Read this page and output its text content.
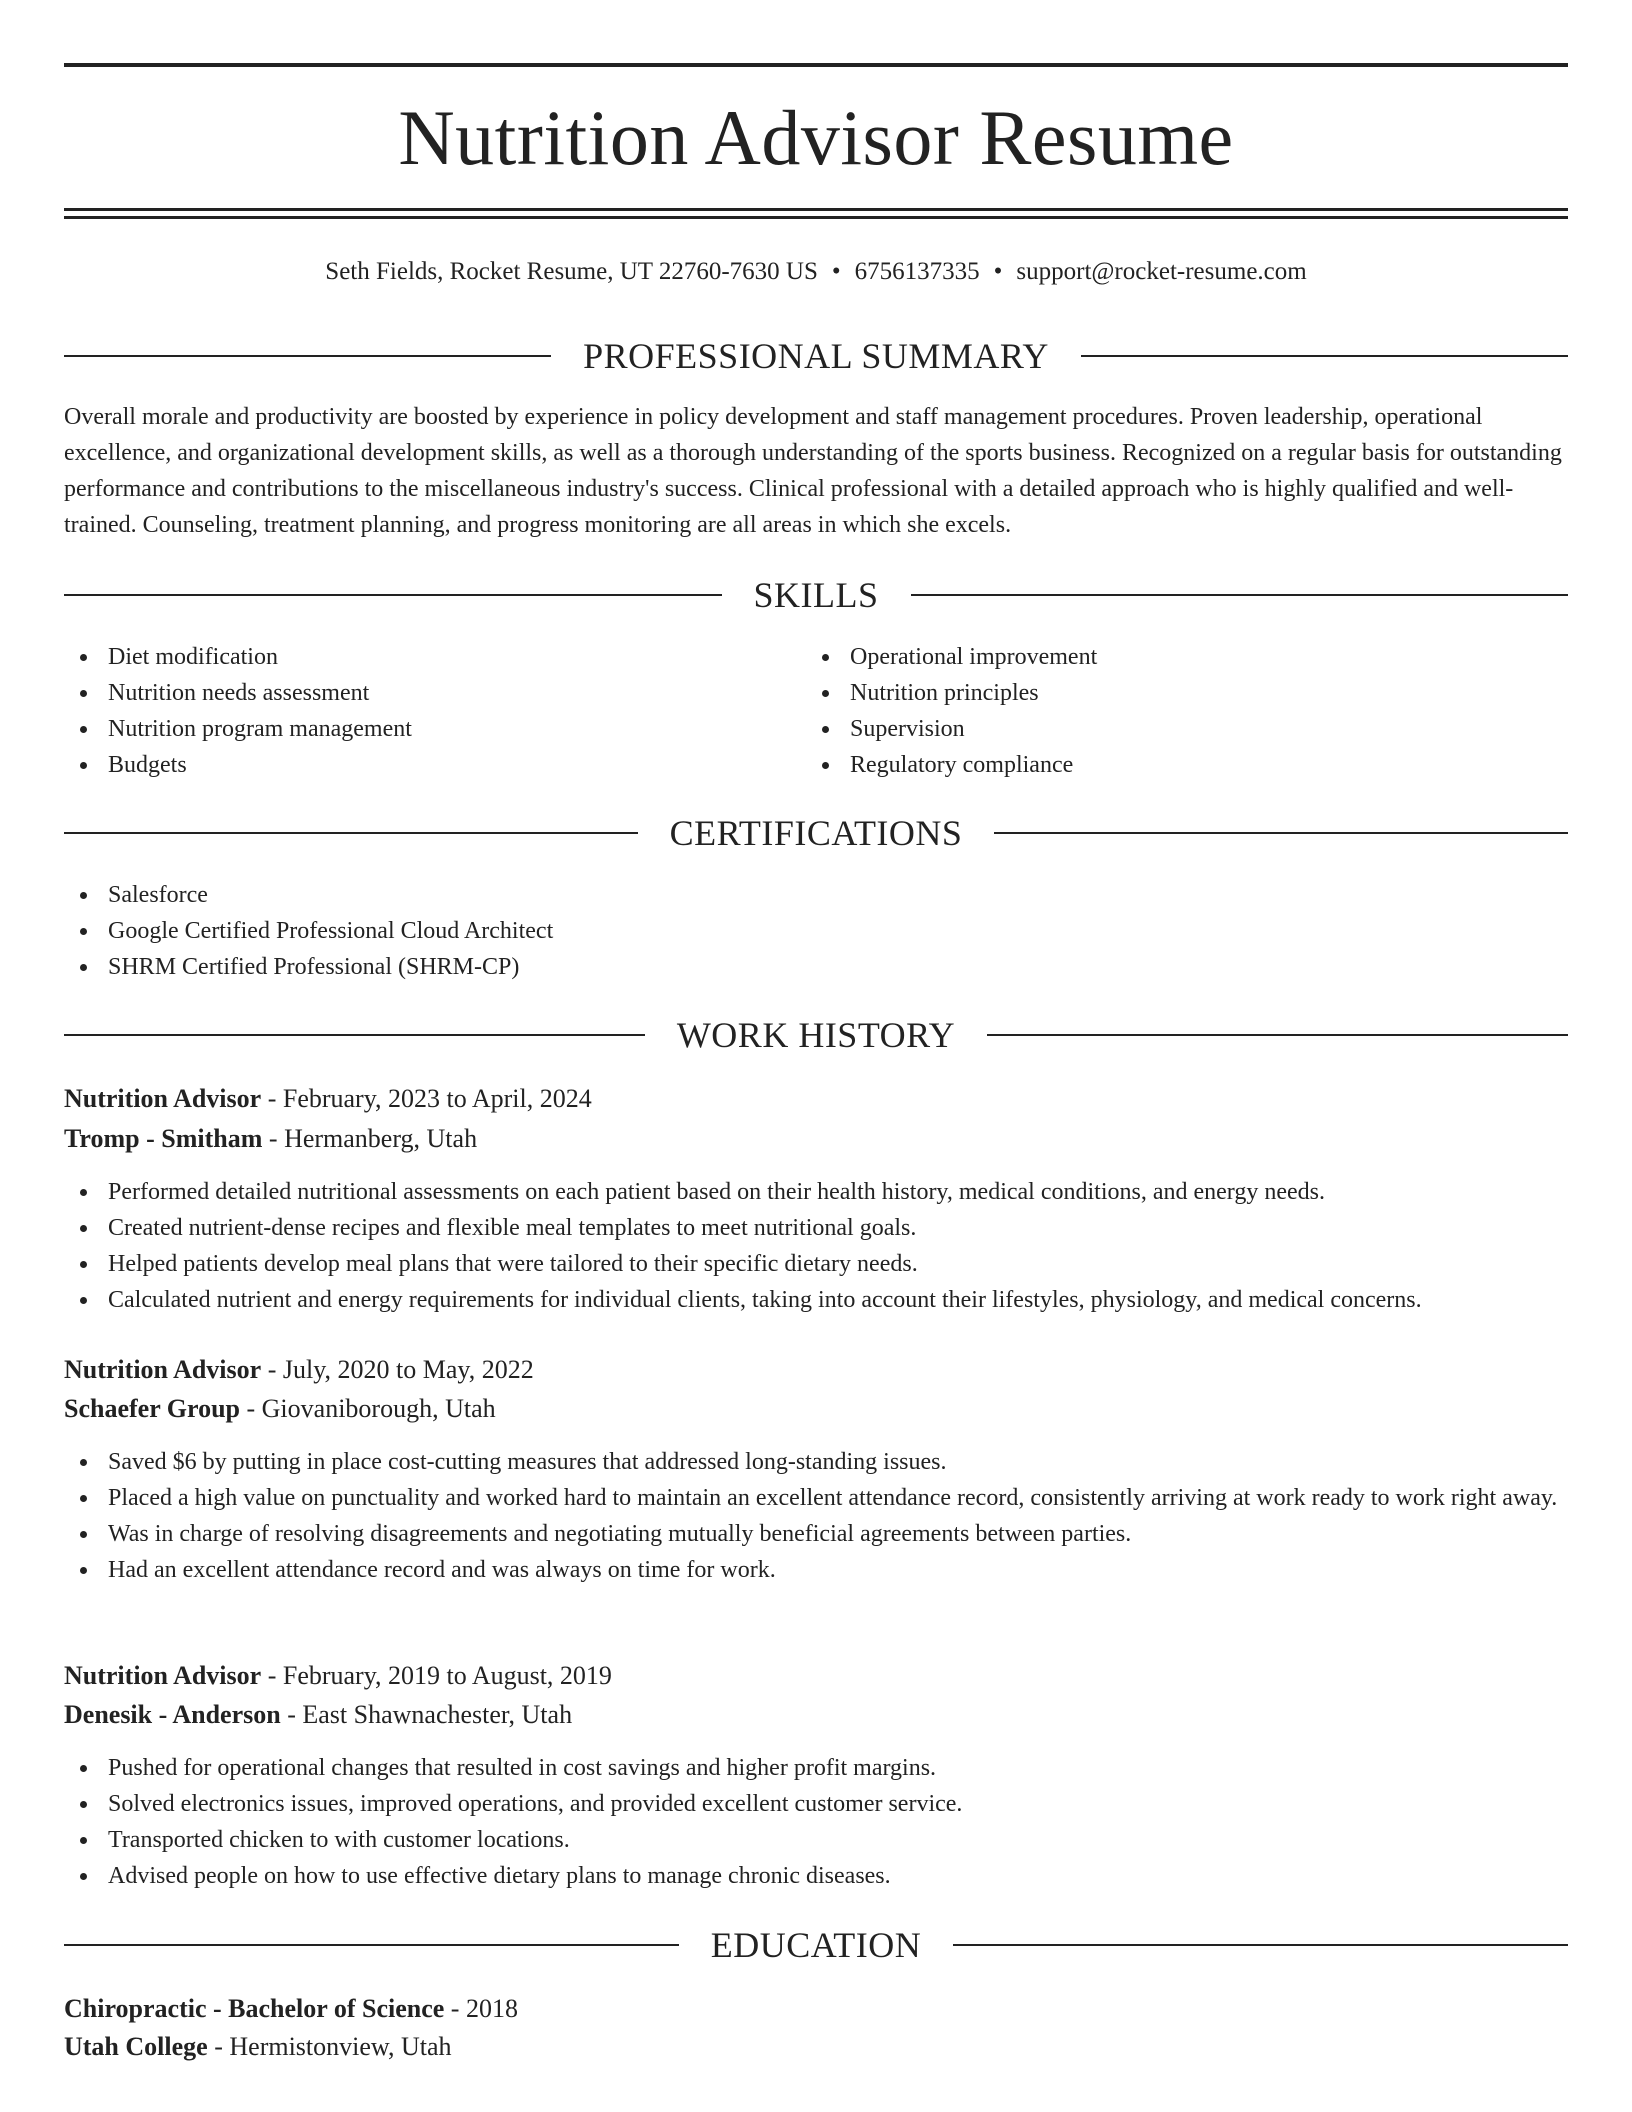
Nutrition Advisor Resume
Seth Fields, Rocket Resume, UT 22760-7630 US • 6756137335 • support@rocket-resume.com
PROFESSIONAL SUMMARY
Overall morale and productivity are boosted by experience in policy development and staff management procedures. Proven leadership, operational excellence, and organizational development skills, as well as a thorough understanding of the sports business. Recognized on a regular basis for outstanding performance and contributions to the miscellaneous industry's success. Clinical professional with a detailed approach who is highly qualified and well-trained. Counseling, treatment planning, and progress monitoring are all areas in which she excels.
SKILLS
Diet modification
Nutrition needs assessment
Nutrition program management
Budgets
Operational improvement
Nutrition principles
Supervision
Regulatory compliance
CERTIFICATIONS
Salesforce
Google Certified Professional Cloud Architect
SHRM Certified Professional (SHRM-CP)
WORK HISTORY
Nutrition Advisor - February, 2023 to April, 2024
Tromp - Smitham - Hermanberg, Utah
Performed detailed nutritional assessments on each patient based on their health history, medical conditions, and energy needs.
Created nutrient-dense recipes and flexible meal templates to meet nutritional goals.
Helped patients develop meal plans that were tailored to their specific dietary needs.
Calculated nutrient and energy requirements for individual clients, taking into account their lifestyles, physiology, and medical concerns.
Nutrition Advisor - July, 2020 to May, 2022
Schaefer Group - Giovaniborough, Utah
Saved $6 by putting in place cost-cutting measures that addressed long-standing issues.
Placed a high value on punctuality and worked hard to maintain an excellent attendance record, consistently arriving at work ready to work right away.
Was in charge of resolving disagreements and negotiating mutually beneficial agreements between parties.
Had an excellent attendance record and was always on time for work.
Nutrition Advisor - February, 2019 to August, 2019
Denesik - Anderson - East Shawnachester, Utah
Pushed for operational changes that resulted in cost savings and higher profit margins.
Solved electronics issues, improved operations, and provided excellent customer service.
Transported chicken to with customer locations.
Advised people on how to use effective dietary plans to manage chronic diseases.
EDUCATION
Chiropractic - Bachelor of Science - 2018
Utah College - Hermistonview, Utah
